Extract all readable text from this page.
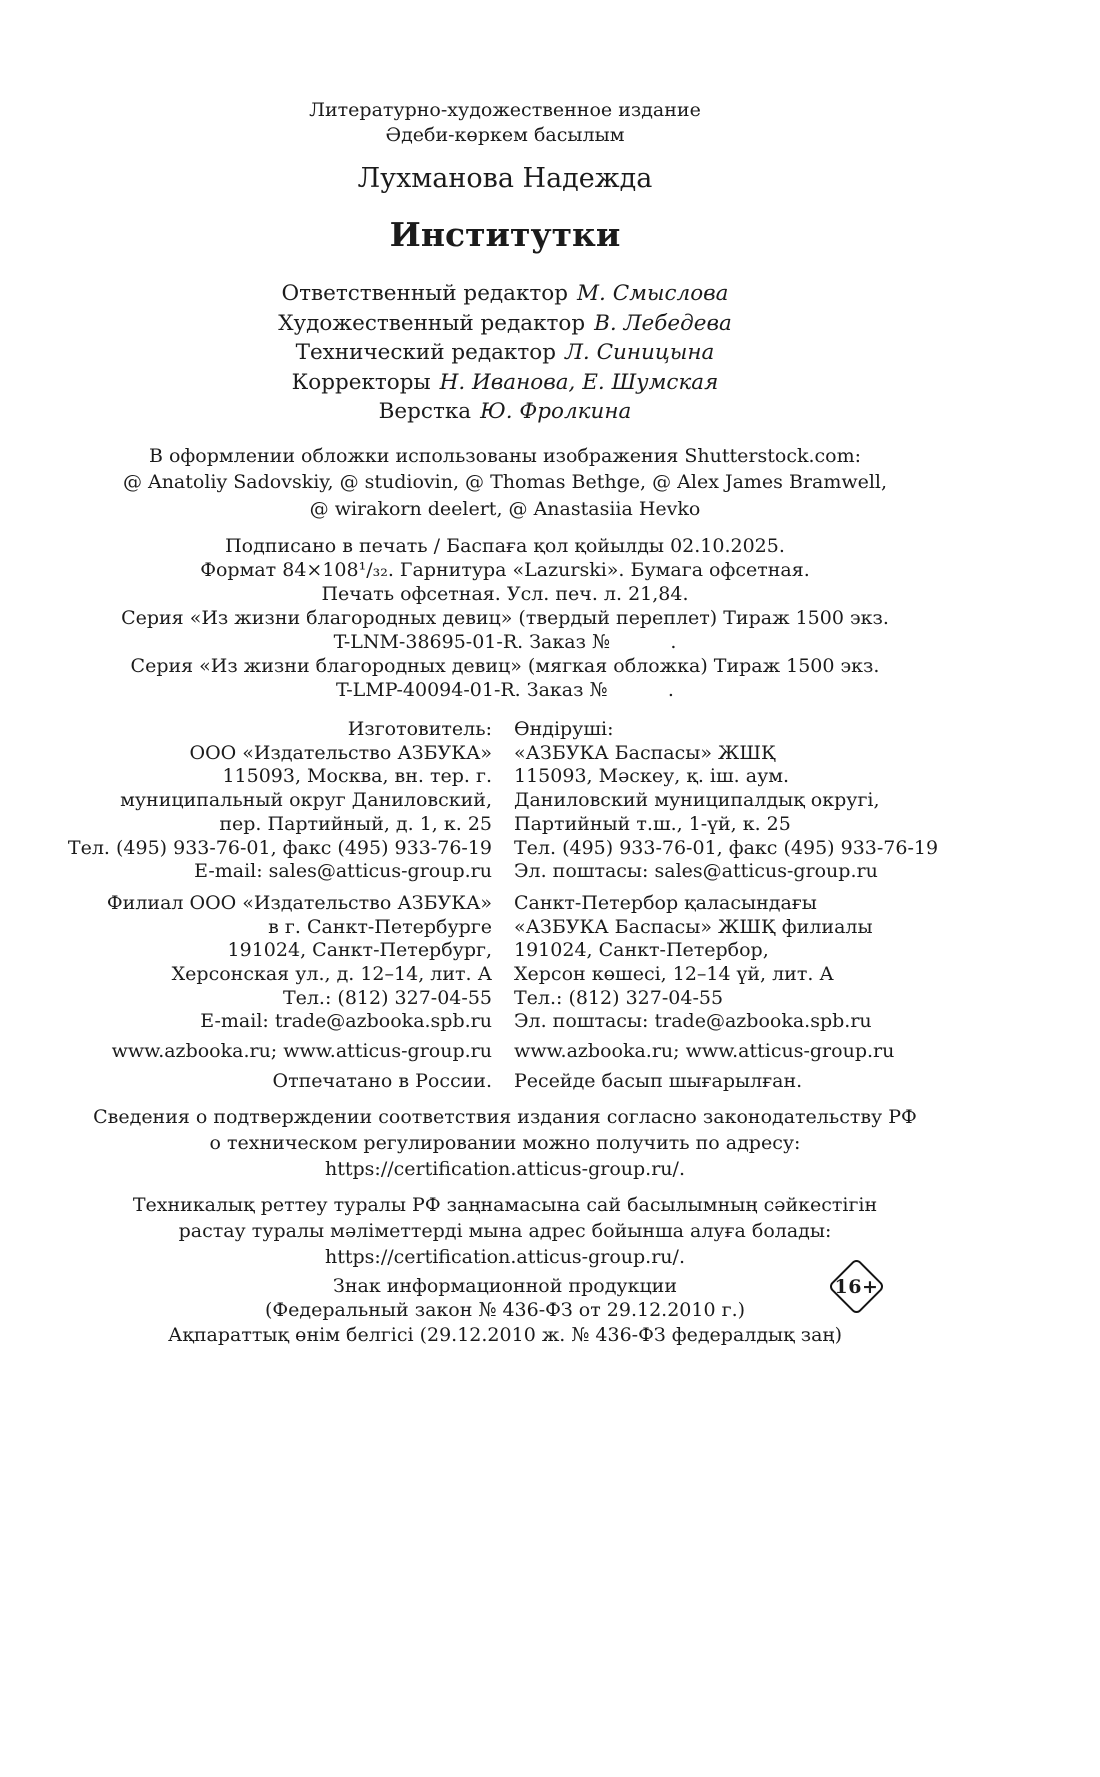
Литературно-художественное издание
Әдеби-көркем басылым
Лухманова Надежда
Институтки
Ответственный редактор М. Смыслова
Художественный редактор В. Лебедева
Технический редактор Л. Синицына
Корректоры Н. Иванова, Е. Шумская
Верстка Ю. Фролкина
В оформлении обложки использованы изображения Shutterstock.com:
@ Anatoliy Sadovskiy, @ studiovin, @ Thomas Bethge, @ Alex James Bramwell,
@ wirakorn deelert, @ Anastasiia Hevko
Подписано в печать / Баспаға қол қойылды 02.10.2025.
Формат 84×108¹/₃₂. Гарнитура «Lazurski». Бумага офсетная.
Печать офсетная. Усл. печ. л. 21,84.
Серия «Из жизни благородных девиц» (твердый переплет) Тираж 1500 экз.
T-LNM-38695-01-R. Заказ №          .
Серия «Из жизни благородных девиц» (мягкая обложка) Тираж 1500 экз.
T-LMP-40094-01-R. Заказ №          .
Изготовитель:
ООО «Издательство АЗБУКА»
115093, Москва, вн. тер. г.
муниципальный округ Даниловский,
пер. Партийный, д. 1, к. 25
Тел. (495) 933-76-01, факс (495) 933-76-19
E-mail: sales@atticus-group.ru
Филиал ООО «Издательство АЗБУКА»
в г. Санкт-Петербурге
191024, Санкт-Петербург,
Херсонская ул., д. 12–14, лит. А
Тел.: (812) 327-04-55
E-mail: trade@azbooka.spb.ru
www.azbooka.ru; www.atticus-group.ru
Отпечатано в России.
Өндіруші:
«АЗБУКА Баспасы» ЖШҚ
115093, Мәскеу, қ. іш. аум.
Даниловский муниципалдық округі,
Партийный т.ш., 1-үй, к. 25
Тел. (495) 933-76-01, факс (495) 933-76-19
Эл. поштасы: sales@atticus-group.ru
Санкт-Петербор қаласындағы
«АЗБУКА Баспасы» ЖШҚ филиалы
191024, Санкт-Петербор,
Херсон көшесі, 12–14 үй, лит. А
Тел.: (812) 327-04-55
Эл. поштасы: trade@azbooka.spb.ru
www.azbooka.ru; www.atticus-group.ru
Ресейде басып шығарылған.
Сведения о подтверждении соответствия издания согласно законодательству РФ
о техническом регулировании можно получить по адресу:
https://certification.atticus-group.ru/.
Техникалық реттеу туралы РФ заңнамасына сай басылымның сәйкестігін
растау туралы мәліметтерді мына адрес бойынша алуға болады:
https://certification.atticus-group.ru/.
Знак информационной продукции
(Федеральный закон № 436-ФЗ от 29.12.2010 г.)
Ақпараттық өнім белгісі (29.12.2010 ж. № 436-ФЗ федералдық заң)
16+
